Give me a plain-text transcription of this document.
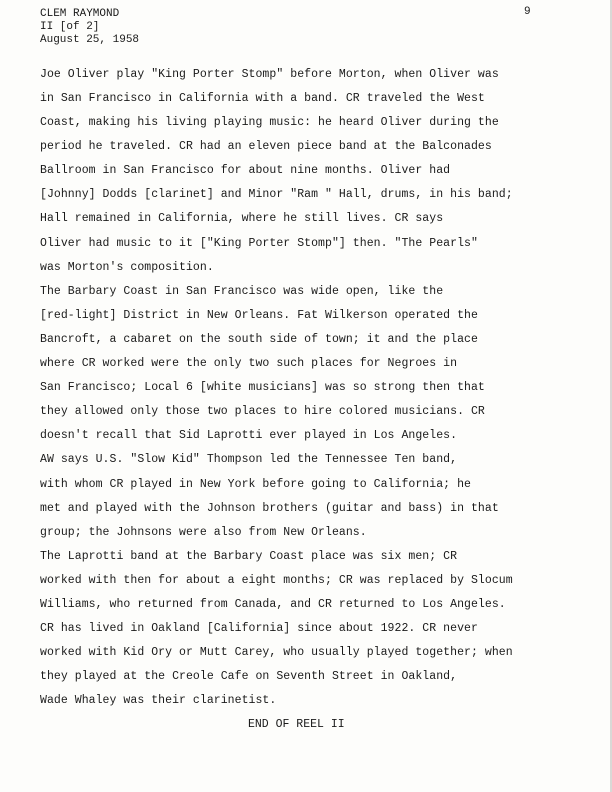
CLEM RAYMOND
II [of 2]
August 25, 1958
9
Joe Oliver play "King Porter Stomp" before Morton, when Oliver was
in San Francisco in California with a band. CR traveled the West
Coast, making his living playing music: he heard Oliver during the
period he traveled. CR had an eleven piece band at the Balconades
Ballroom in San Francisco for about nine months. Oliver had
[Johnny] Dodds [clarinet] and Minor "Ram " Hall, drums, in his band;
Hall remained in California, where he still lives. CR says
Oliver had music to it ["King Porter Stomp"] then. "The Pearls"
was Morton's composition.
The Barbary Coast in San Francisco was wide open, like the
[red-light] District in New Orleans. Fat Wilkerson operated the
Bancroft, a cabaret on the south side of town; it and the place
where CR worked were the only two such places for Negroes in
San Francisco; Local 6 [white musicians] was so strong then that
they allowed only those two places to hire colored musicians. CR
doesn't recall that Sid Laprotti ever played in Los Angeles.
AW says U.S. "Slow Kid" Thompson led the Tennessee Ten band,
with whom CR played in New York before going to California; he
met and played with the Johnson brothers (guitar and bass) in that
group; the Johnsons were also from New Orleans.
The Laprotti band at the Barbary Coast place was six men; CR
worked with then for about a eight months; CR was replaced by Slocum
Williams, who returned from Canada, and CR returned to Los Angeles.
CR has lived in Oakland [California] since about 1922. CR never
worked with Kid Ory or Mutt Carey, who usually played together; when
they played at the Creole Cafe on Seventh Street in Oakland,
Wade Whaley was their clarinetist.
END OF REEL II
